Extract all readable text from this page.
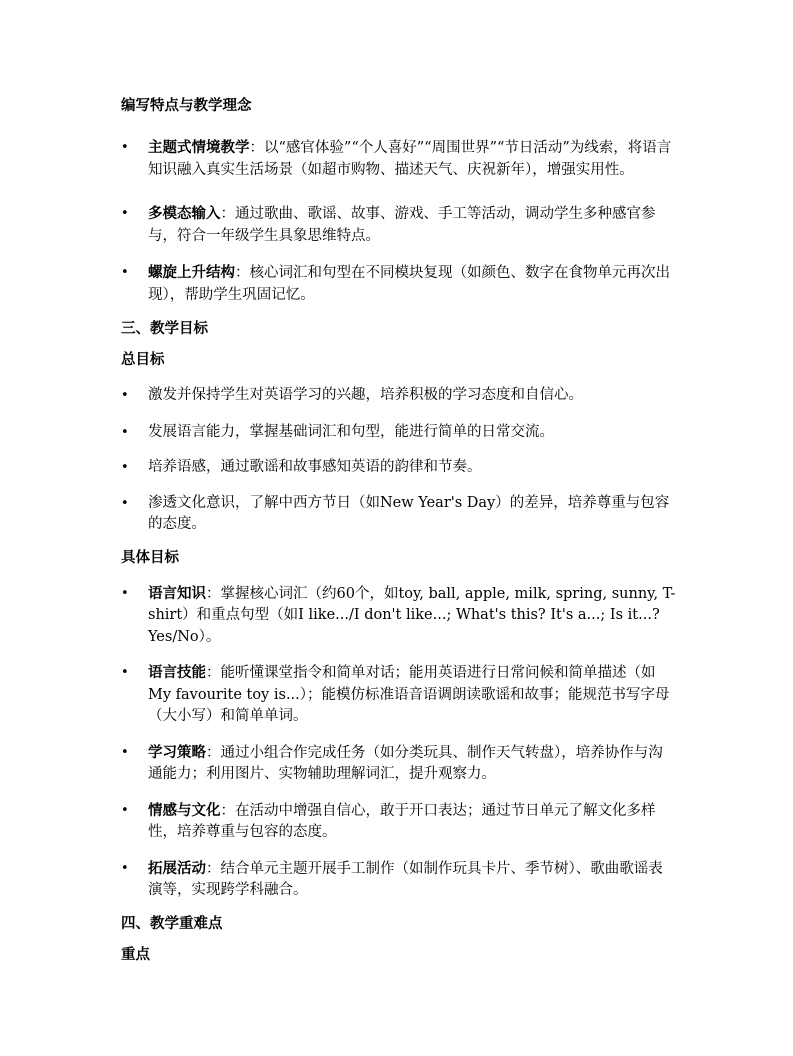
编写特点与教学理念
• 主题式情境教学：以“感官体验”“个人喜好”“周围世界”“节日活动”为线索，将语言知识融入真实生活场景（如超市购物、描述天气、庆祝新年），增强实用性。
• 多模态输入：通过歌曲、歌谣、故事、游戏、手工等活动，调动学生多种感官参与，符合一年级学生具象思维特点。
• 螺旋上升结构：核心词汇和句型在不同模块复现（如颜色、数字在食物单元再次出现），帮助学生巩固记忆。
三、教学目标
总目标
• 激发并保持学生对英语学习的兴趣，培养积极的学习态度和自信心。
• 发展语言能力，掌握基础词汇和句型，能进行简单的日常交流。
• 培养语感，通过歌谣和故事感知英语的韵律和节奏。
• 渗透文化意识，了解中西方节日（如New Year's Day）的差异，培养尊重与包容的态度。
具体目标
• 语言知识：掌握核心词汇（约60个，如toy, ball, apple, milk, spring, sunny, T-shirt）和重点句型（如I like.../I don't like...; What's this? It's a...; Is it...? Yes/No）。
• 语言技能：能听懂课堂指令和简单对话；能用英语进行日常问候和简单描述（如My favourite toy is...）；能模仿标准语音语调朗读歌谣和故事；能规范书写字母（大小写）和简单单词。
• 学习策略：通过小组合作完成任务（如分类玩具、制作天气转盘），培养协作与沟通能力；利用图片、实物辅助理解词汇，提升观察力。
• 情感与文化：在活动中增强自信心，敢于开口表达；通过节日单元了解文化多样性，培养尊重与包容的态度。
• 拓展活动：结合单元主题开展手工制作（如制作玩具卡片、季节树）、歌曲歌谣表演等，实现跨学科融合。
四、教学重难点
重点
